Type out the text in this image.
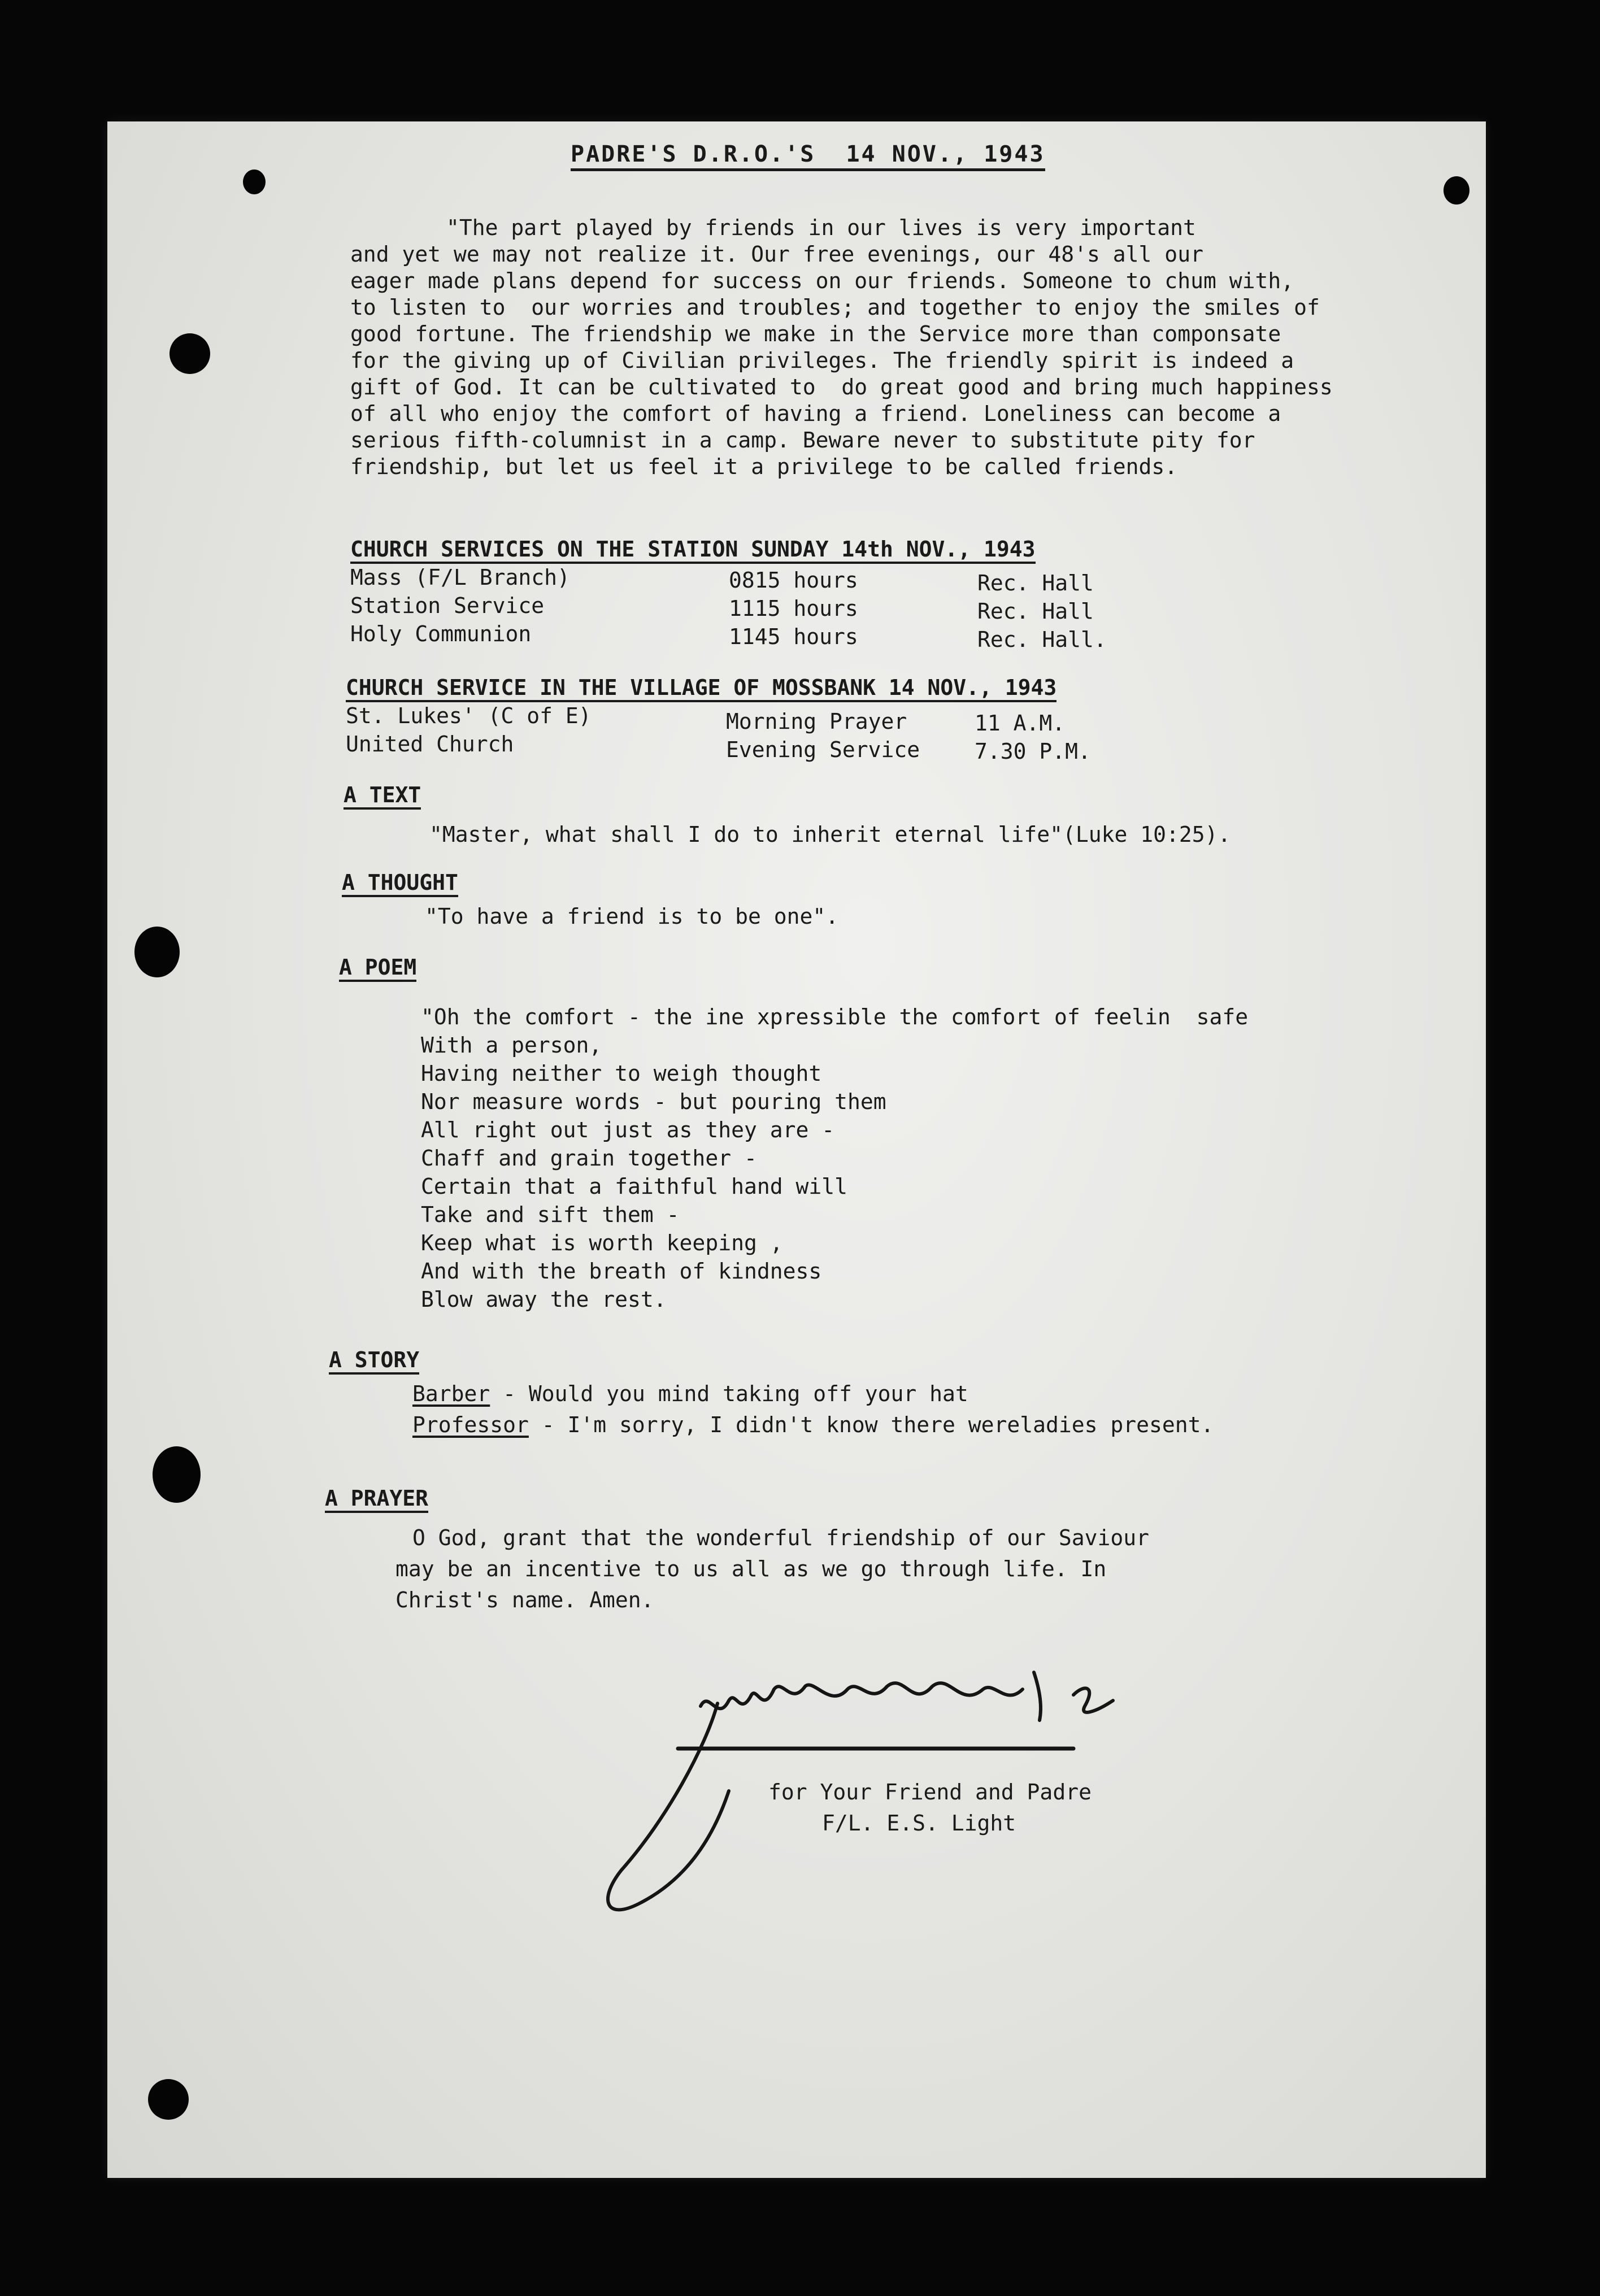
PADRE'S D.R.O.'S  14 NOV., 1943

"The part played by friends in our lives is very important

and yet we may not realize it. Our free evenings, our 48's all our

eager made plans depend for success on our friends. Someone to chum with,

to listen to  our worries and troubles; and together to enjoy the smiles of

good fortune. The friendship we make in the Service more than componsate

for the giving up of Civilian privileges. The friendly spirit is indeed a

gift of God. It can be cultivated to  do great good and bring much happiness

of all who enjoy the comfort of having a friend. Loneliness can become a

serious fifth-columnist in a camp. Beware never to substitute pity for

friendship, but let us feel it a privilege to be called friends.

CHURCH SERVICES ON THE STATION SUNDAY 14th NOV., 1943

Mass (F/L Branch)	0815 hours	Rec. Hall

Station Service	1115 hours	Rec. Hall

Holy Communion	1145 hours	Rec. Hall.

CHURCH SERVICE IN THE VILLAGE OF MOSSBANK 14 NOV., 1943

St. Lukes' (C of E)	Morning Prayer	11 A.M.

United Church	Evening Service	7.30 P.M.

A TEXT

"Master, what shall I do to inherit eternal life"(Luke 10:25).

A THOUGHT

"To have a friend is to be one".

A POEM

"Oh the comfort - the ine xpressible the comfort of feelin  safe

With a person,

Having neither to weigh thought

Nor measure words - but pouring them

All right out just as they are -

Chaff and grain together -

Certain that a faithful hand will

Take and sift them -

Keep what is worth keeping ,

And with the breath of kindness

Blow away the rest.

A STORY

Barber - Would you mind taking off your hat

Professor - I'm sorry, I didn't know there wereladies present.

A PRAYER

O God, grant that the wonderful friendship of our Saviour

may be an incentive to us all as we go through life. In

Christ's name. Amen.

for Your Friend and Padre

F/L. E.S. Light
